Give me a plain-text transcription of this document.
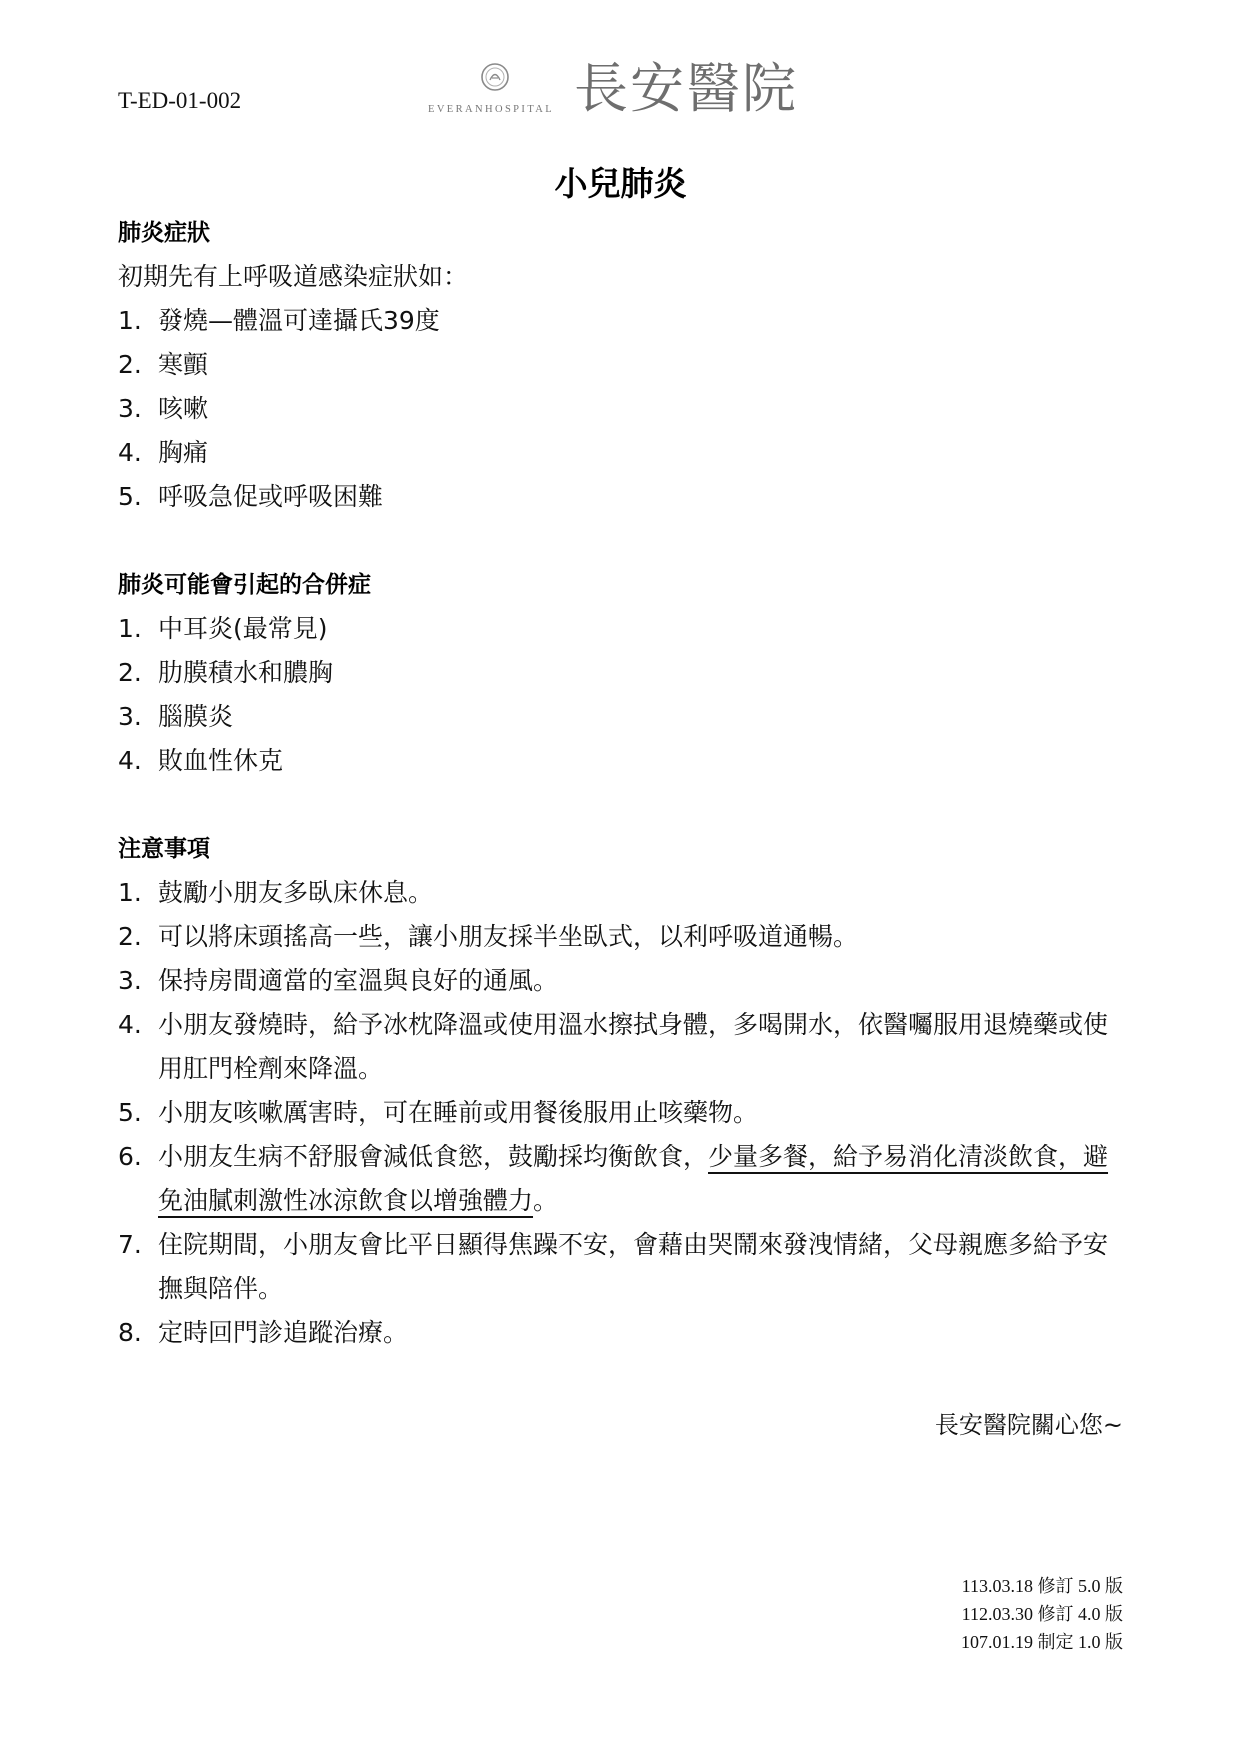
T-ED-01-002	EVERANHOSPITAL 長安醫院
小兒肺炎
肺炎症狀
初期先有上呼吸道感染症狀如：
1. 發燒—體溫可達攝氏39度
2. 寒顫
3. 咳嗽
4. 胸痛
5. 呼吸急促或呼吸困難
肺炎可能會引起的合併症
1. 中耳炎(最常見)
2. 肋膜積水和膿胸
3. 腦膜炎
4. 敗血性休克
注意事項
1. 鼓勵小朋友多臥床休息。
2. 可以將床頭搖高一些，讓小朋友採半坐臥式，以利呼吸道通暢。
3. 保持房間適當的室溫與良好的通風。
4. 小朋友發燒時，給予冰枕降溫或使用溫水擦拭身體，多喝開水，依醫囑服用退燒藥或使用肛門栓劑來降溫。
5. 小朋友咳嗽厲害時，可在睡前或用餐後服用止咳藥物。
6. 小朋友生病不舒服會減低食慾，鼓勵採均衡飲食，少量多餐，給予易消化清淡飲食，避免油膩刺激性冰涼飲食以增強體力。
7. 住院期間，小朋友會比平日顯得焦躁不安，會藉由哭鬧來發洩情緒，父母親應多給予安撫與陪伴。
8. 定時回門診追蹤治療。
長安醫院關心您~
113.03.18 修訂 5.0 版
112.03.30 修訂 4.0 版
107.01.19 制定 1.0 版
